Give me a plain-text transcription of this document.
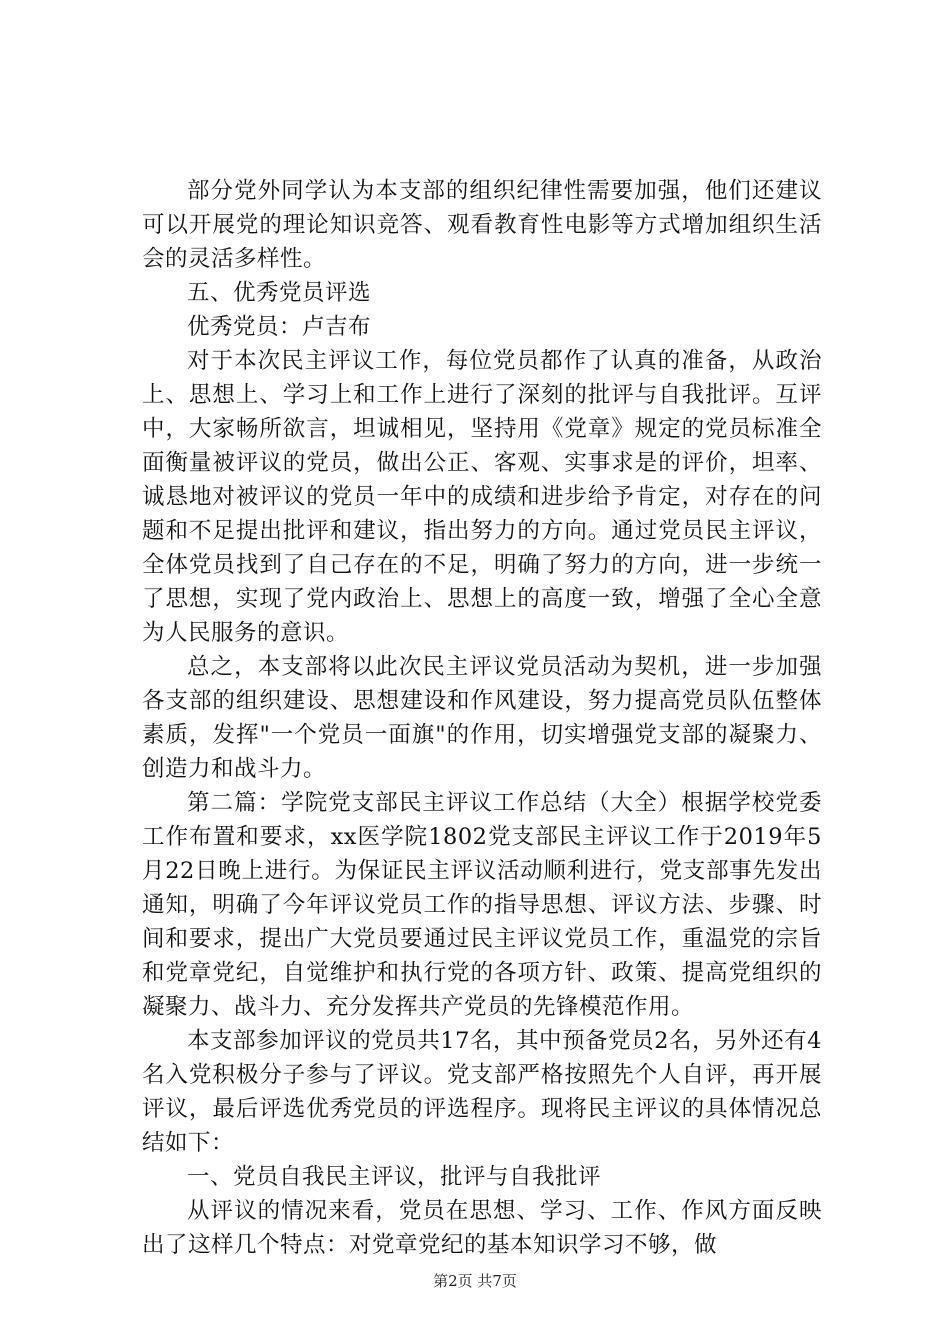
部分党外同学认为本支部的组织纪律性需要加强，他们还建议可以开展党的理论知识竞答、观看教育性电影等方式增加组织生活会的灵活多样性。

五、优秀党员评选

优秀党员：卢吉布

对于本次民主评议工作，每位党员都作了认真的准备，从政治上、思想上、学习上和工作上进行了深刻的批评与自我批评。互评中，大家畅所欲言，坦诚相见，坚持用《党章》规定的党员标准全面衡量被评议的党员，做出公正、客观、实事求是的评价，坦率、诚恳地对被评议的党员一年中的成绩和进步给予肯定，对存在的问题和不足提出批评和建议，指出努力的方向。通过党员民主评议，全体党员找到了自己存在的不足，明确了努力的方向，进一步统一了思想，实现了党内政治上、思想上的高度一致，增强了全心全意为人民服务的意识。

总之，本支部将以此次民主评议党员活动为契机，进一步加强各支部的组织建设、思想建设和作风建设，努力提高党员队伍整体素质，发挥"一个党员一面旗"的作用，切实增强党支部的凝聚力、创造力和战斗力。

第二篇：学院党支部民主评议工作总结（大全）根据学校党委工作布置和要求，xx医学院1802党支部民主评议工作于2019年5月22日晚上进行。为保证民主评议活动顺利进行，党支部事先发出通知，明确了今年评议党员工作的指导思想、评议方法、步骤、时间和要求，提出广大党员要通过民主评议党员工作，重温党的宗旨和党章党纪，自觉维护和执行党的各项方针、政策、提高党组织的凝聚力、战斗力、充分发挥共产党员的先锋模范作用。

本支部参加评议的党员共17名，其中预备党员2名，另外还有4名入党积极分子参与了评议。党支部严格按照先个人自评，再开展评议，最后评选优秀党员的评选程序。现将民主评议的具体情况总结如下：

一、党员自我民主评议，批评与自我批评

从评议的情况来看，党员在思想、学习、工作、作风方面反映出了这样几个特点：对党章党纪的基本知识学习不够，做

第2页 共7页
